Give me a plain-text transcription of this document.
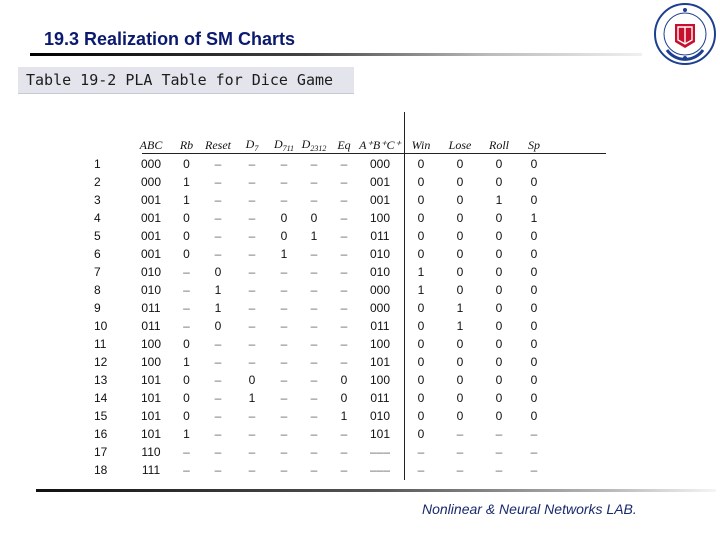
19.3 Realization of SM Charts
Table 19-2 PLA Table for Dice Game
	ABC	Rb	Reset	$D_7$	$D_{711}$	$D_{2312}$	Eq	A⁺B⁺C⁺	Win	Lose	Roll	Sp
1	000	0	–	–	–	–	–	000	0	0	0	0
2	000	1	–	–	–	–	–	001	0	0	0	0
3	001	1	–	–	–	–	–	001	0	0	1	0
4	001	0	–	–	0	0	–	100	0	0	0	1
5	001	0	–	–	0	1	–	011	0	0	0	0
6	001	0	–	–	1	–	–	010	0	0	0	0
7	010	–	0	–	–	–	–	010	1	0	0	0
8	010	–	1	–	–	–	–	000	1	0	0	0
9	011	–	1	–	–	–	–	000	0	1	0	0
10	011	–	0	–	–	–	–	011	0	1	0	0
11	100	0	–	–	–	–	–	100	0	0	0	0
12	100	1	–	–	–	–	–	101	0	0	0	0
13	101	0	–	0	–	–	0	100	0	0	0	0
14	101	0	–	1	–	–	0	011	0	0	0	0
15	101	0	–	–	–	–	1	010	0	0	0	0
16	101	1	–	–	–	–	–	101	0	–	–	–
17	110	–	–	–	–	–	–	–––	–	–	–	–
18	111	–	–	–	–	–	–	–––	–	–	–	–
Nonlinear & Neural Networks LAB.
